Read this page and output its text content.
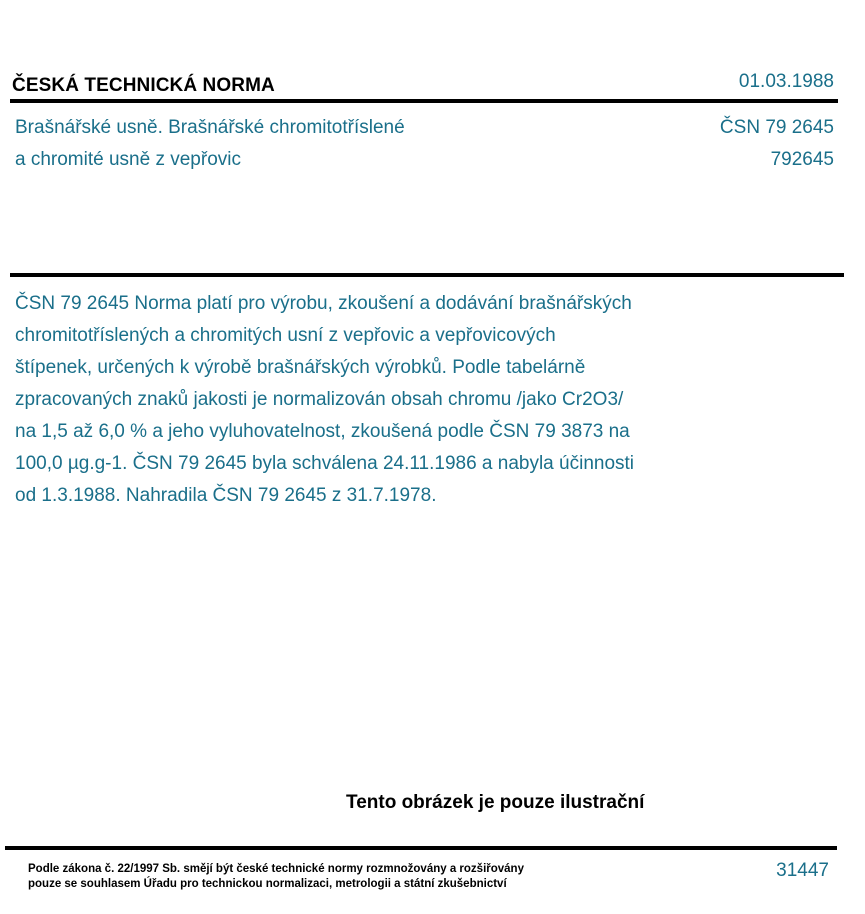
ČESKÁ TECHNICKÁ NORMA	01.03.1988
Brašnářské usně. Brašnářské chromitotříslené
a chromité usně z vepřovic
ČSN 79 2645
792645
ČSN 79 2645 Norma platí pro výrobu, zkoušení a dodávání brašnářských
chromitotříslených a chromitých usní z vepřovic a vepřovicových
štípenek, určených k výrobě brašnářských výrobků. Podle tabelárně
zpracovaných znaků jakosti je normalizován obsah chromu /jako Cr2O3/
na 1,5 až 6,0 % a jeho vyluhovatelnost, zkoušená podle ČSN 79 3873 na
100,0 µg.g-1. ČSN 79 2645 byla schválena 24.11.1986 a nabyla účinnosti
od 1.3.1988. Nahradila ČSN 79 2645 z 31.7.1978.
Tento obrázek je pouze ilustrační
Podle zákona č. 22/1997 Sb. smějí být české technické normy rozmnožovány a rozšiřovány
pouze se souhlasem Úřadu pro technickou normalizaci, metrologii a státní zkušebnictví
31447
